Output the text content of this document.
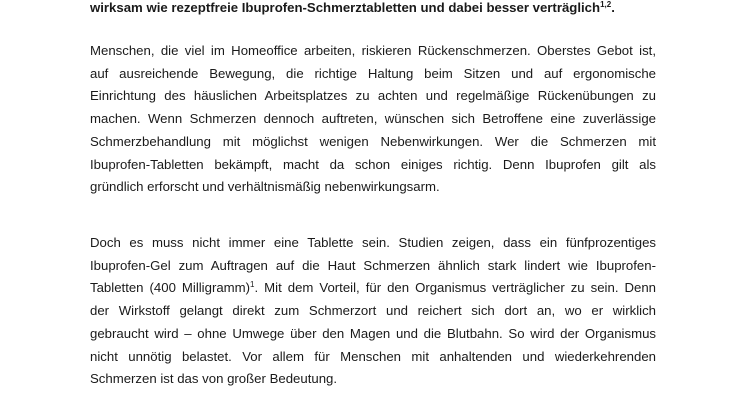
wirksam wie rezeptfreie Ibuprofen-Schmerztabletten und dabei besser verträglich$^{1,2}$.
Menschen, die viel im Homeoffice arbeiten, riskieren Rückenschmerzen. Oberstes Gebot ist,
auf ausreichende Bewegung, die richtige Haltung beim Sitzen und auf ergonomische
Einrichtung des häuslichen Arbeitsplatzes zu achten und regelmäßige Rückenübungen zu
machen. Wenn Schmerzen dennoch auftreten, wünschen sich Betroffene eine zuverlässige
Schmerzbehandlung mit möglichst wenigen Nebenwirkungen. Wer die Schmerzen mit
Ibuprofen-Tabletten bekämpft, macht da schon einiges richtig. Denn Ibuprofen gilt als
gründlich erforscht und verhältnismäßig nebenwirkungsarm.
Doch es muss nicht immer eine Tablette sein. Studien zeigen, dass ein fünfprozentiges
Ibuprofen-Gel zum Auftragen auf die Haut Schmerzen ähnlich stark lindert wie Ibuprofen-
Tabletten (400 Milligramm)$^1$. Mit dem Vorteil, für den Organismus verträglicher zu sein. Denn
der Wirkstoff gelangt direkt zum Schmerzort und reichert sich dort an, wo er wirklich
gebraucht wird – ohne Umwege über den Magen und die Blutbahn. So wird der Organismus
nicht unnötig belastet. Vor allem für Menschen mit anhaltenden und wiederkehrenden
Schmerzen ist das von großer Bedeutung.
